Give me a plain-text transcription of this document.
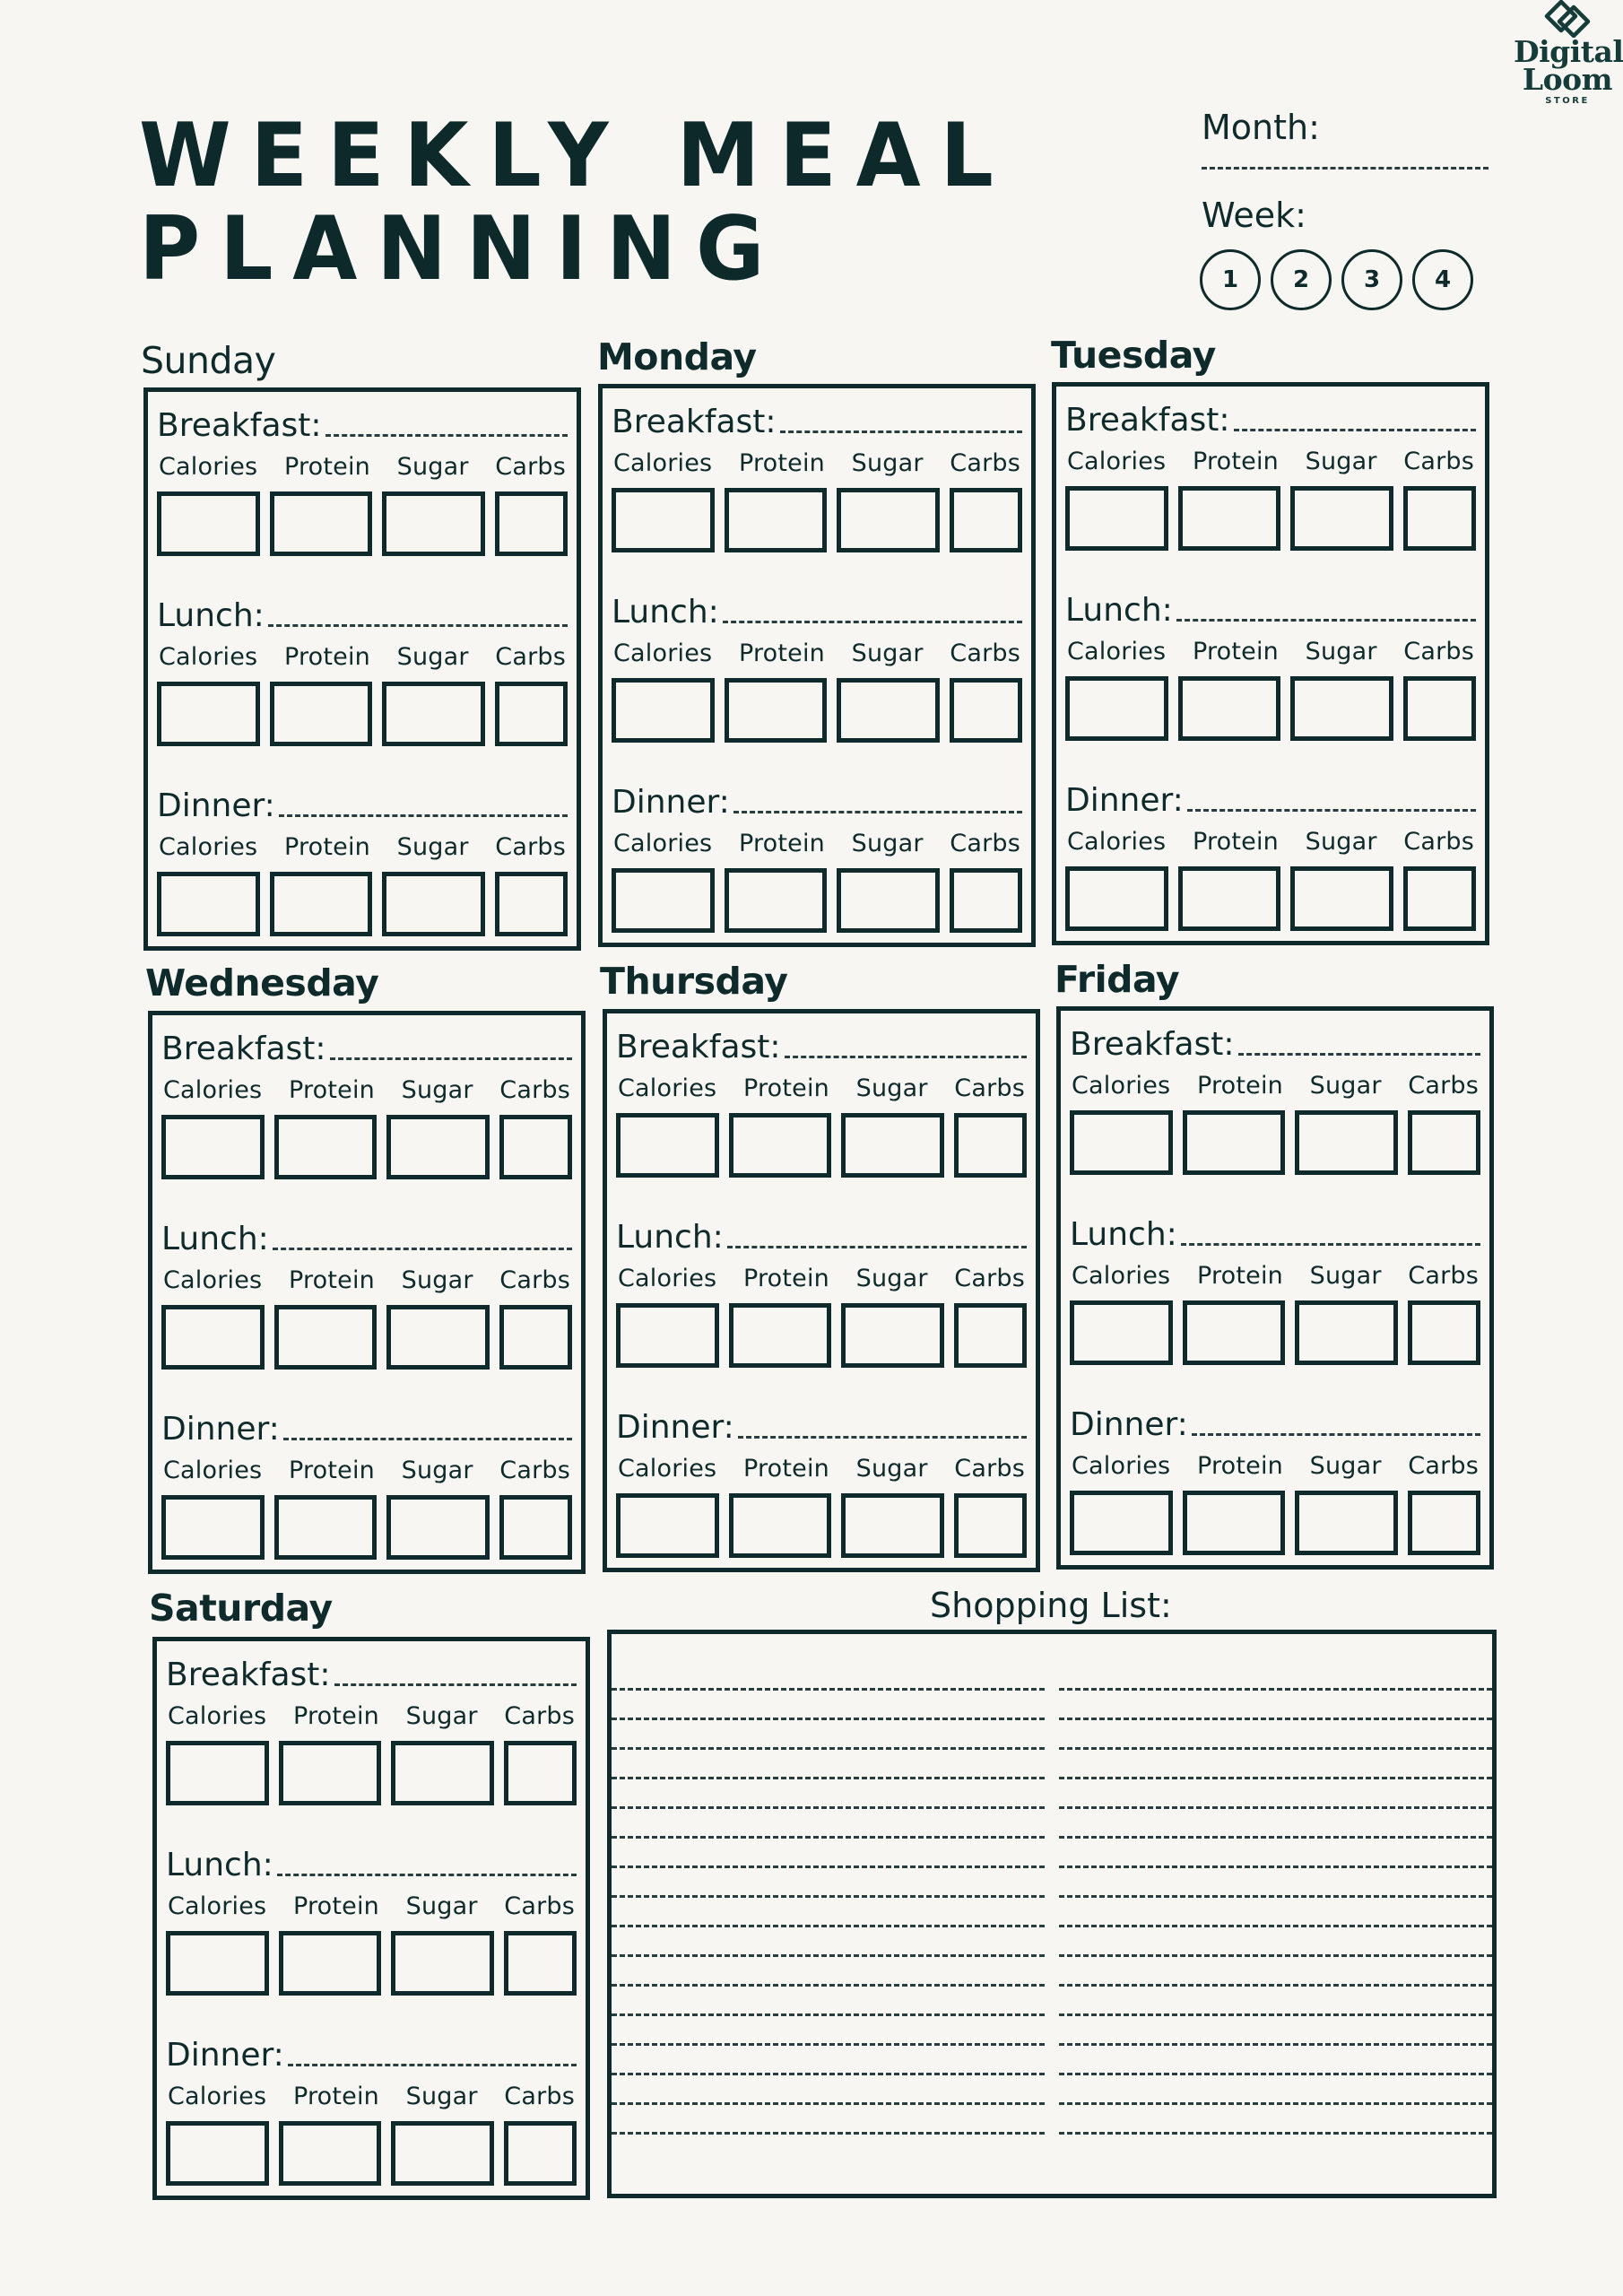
Digital
Loom
STORE
WEEKLY MEAL
PLANNING
Month:
Week:
1	2	3	4
Sunday
Breakfast:
Calories Protein Sugar Carbs
Lunch:
Calories Protein Sugar Carbs
Dinner:
Calories Protein Sugar Carbs
Monday
Breakfast:
Calories Protein Sugar Carbs
Lunch:
Calories Protein Sugar Carbs
Dinner:
Calories Protein Sugar Carbs
Tuesday
Breakfast:
Calories Protein Sugar Carbs
Lunch:
Calories Protein Sugar Carbs
Dinner:
Calories Protein Sugar Carbs
Wednesday
Breakfast:
Calories Protein Sugar Carbs
Lunch:
Calories Protein Sugar Carbs
Dinner:
Calories Protein Sugar Carbs
Thursday
Breakfast:
Calories Protein Sugar Carbs
Lunch:
Calories Protein Sugar Carbs
Dinner:
Calories Protein Sugar Carbs
Friday
Breakfast:
Calories Protein Sugar Carbs
Lunch:
Calories Protein Sugar Carbs
Dinner:
Calories Protein Sugar Carbs
Saturday
Breakfast:
Calories Protein Sugar Carbs
Lunch:
Calories Protein Sugar Carbs
Dinner:
Calories Protein Sugar Carbs
Shopping List:
